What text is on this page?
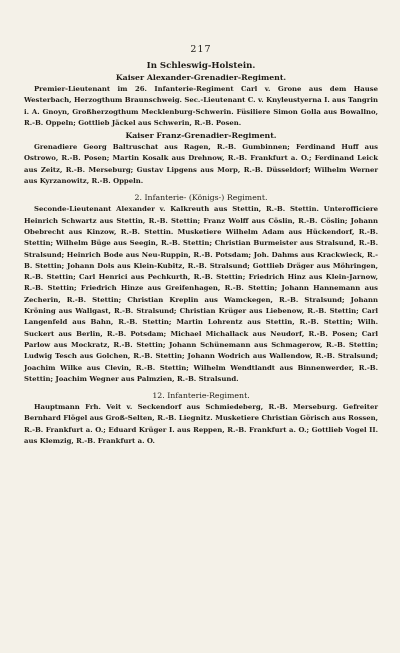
217
In Schleswig-Holstein.
Kaiser Alexander-Grenadier-Regiment.

Premier-Lieutenant im 26. Infanterie-Regiment Carl v. Grone aus dem Hause Westerbach, Herzogthum Braunschweig. Sec.-Lieutenant C. v. Knyleustyerna I. aus Tangrin i. A. Gnoyn, Großherzogthum Mecklenburg-Schwerin. Füsiliere Simon Golla aus Bowallno, R.-B. Oppeln; Gottlieb Jäckel aus Schwerin, R.-B. Posen.

Kaiser Franz-Grenadier-Regiment.

Grenadiere Georg Baltruschat aus Ragen, R.-B. Gumbinnen; Ferdinand Huff aus Ostrowo, R.-B. Posen; Martin Kosalk aus Drehnow, R.-B. Frankfurt a. O.; Ferdinand Leick aus Zeitz, R.-B. Merseburg; Gustav Lipgens aus Morp, R.-B. Düsseldorf; Wilhelm Werner aus Kyrzanowitz, R.-B. Oppeln.

2. Infanterie- (Königs-) Regiment.

Seconde-Lieutenant Alexander v. Kalkreuth aus Stettin, R.-B. Stettin. Unterofficiere Heinrich Schwartz aus Stettin, R.-B. Stettin; Franz Wolff aus Cöslin, R.-B. Cöslin; Johann Obebrecht aus Kinzow, R.-B. Stettin. Musketiere Wilhelm Adam aus Hückendorf, R.-B. Stettin; Wilhelm Büge aus Seegin, R.-B. Stettin; Christian Burmeister aus Stralsund, R.-B. Stralsund; Heinrich Bode aus Neu-Ruppin, R.-B. Potsdam; Joh. Dahms aus Krackwieck, R.-B. Stettin; Johann Dols aus Klein-Kubitz, R.-B. Stralsund; Gottlieb Dräger aus Möhringen, R.-B. Stettin; Carl Henrici aus Pechkurth, R.-B. Stettin; Friedrich Hinz aus Klein-Jarnow, R.-B. Stettin; Friedrich Hinze aus Greifenhagen, R.-B. Stettin; Johann Hannemann aus Zecherin, R.-B. Stettin; Christian Kreplin aus Wamckegen, R.-B. Stralsund; Johann Kröning aus Wallgast, R.-B. Stralsund; Christian Krüger aus Liebenow, R.-B. Stettin; Carl Langenfeld aus Bahn, R.-B. Stettin; Martin Lohrentz aus Stettin, R.-B. Stettin; Wilh. Suckert aus Berlin, R.-B. Potsdam; Michael Michallack aus Neudorf, R.-B. Posen; Carl Parlow aus Mockratz, R.-B. Stettin; Johann Schünemann aus Schmagerow, R.-B. Stettin; Ludwig Tesch aus Golchen, R.-B. Stettin; Johann Wodrich aus Wallendow, R.-B. Stralsund; Joachim Wilke aus Clevin, R.-B. Stettin; Wilhelm Wendtlandt aus Binnenwerder, R.-B. Stettin; Joachim Wegner aus Palmzien, R.-B. Stralsund.

12. Infanterie-Regiment.

Hauptmann Frh. Veit v. Seckendorf aus Schmiedeberg, R.-B. Merseburg. Gefreiter Bernhard Flögel aus Groß-Selten, R.-B. Liegnitz. Musketiere Christian Görisch aus Rossen, R.-B. Frankfurt a. O.; Eduard Krüger I. aus Reppen, R.-B. Frankfurt a. O.; Gottlieb Vogel II. aus Klemzig, R.-B. Frankfurt a. O.
